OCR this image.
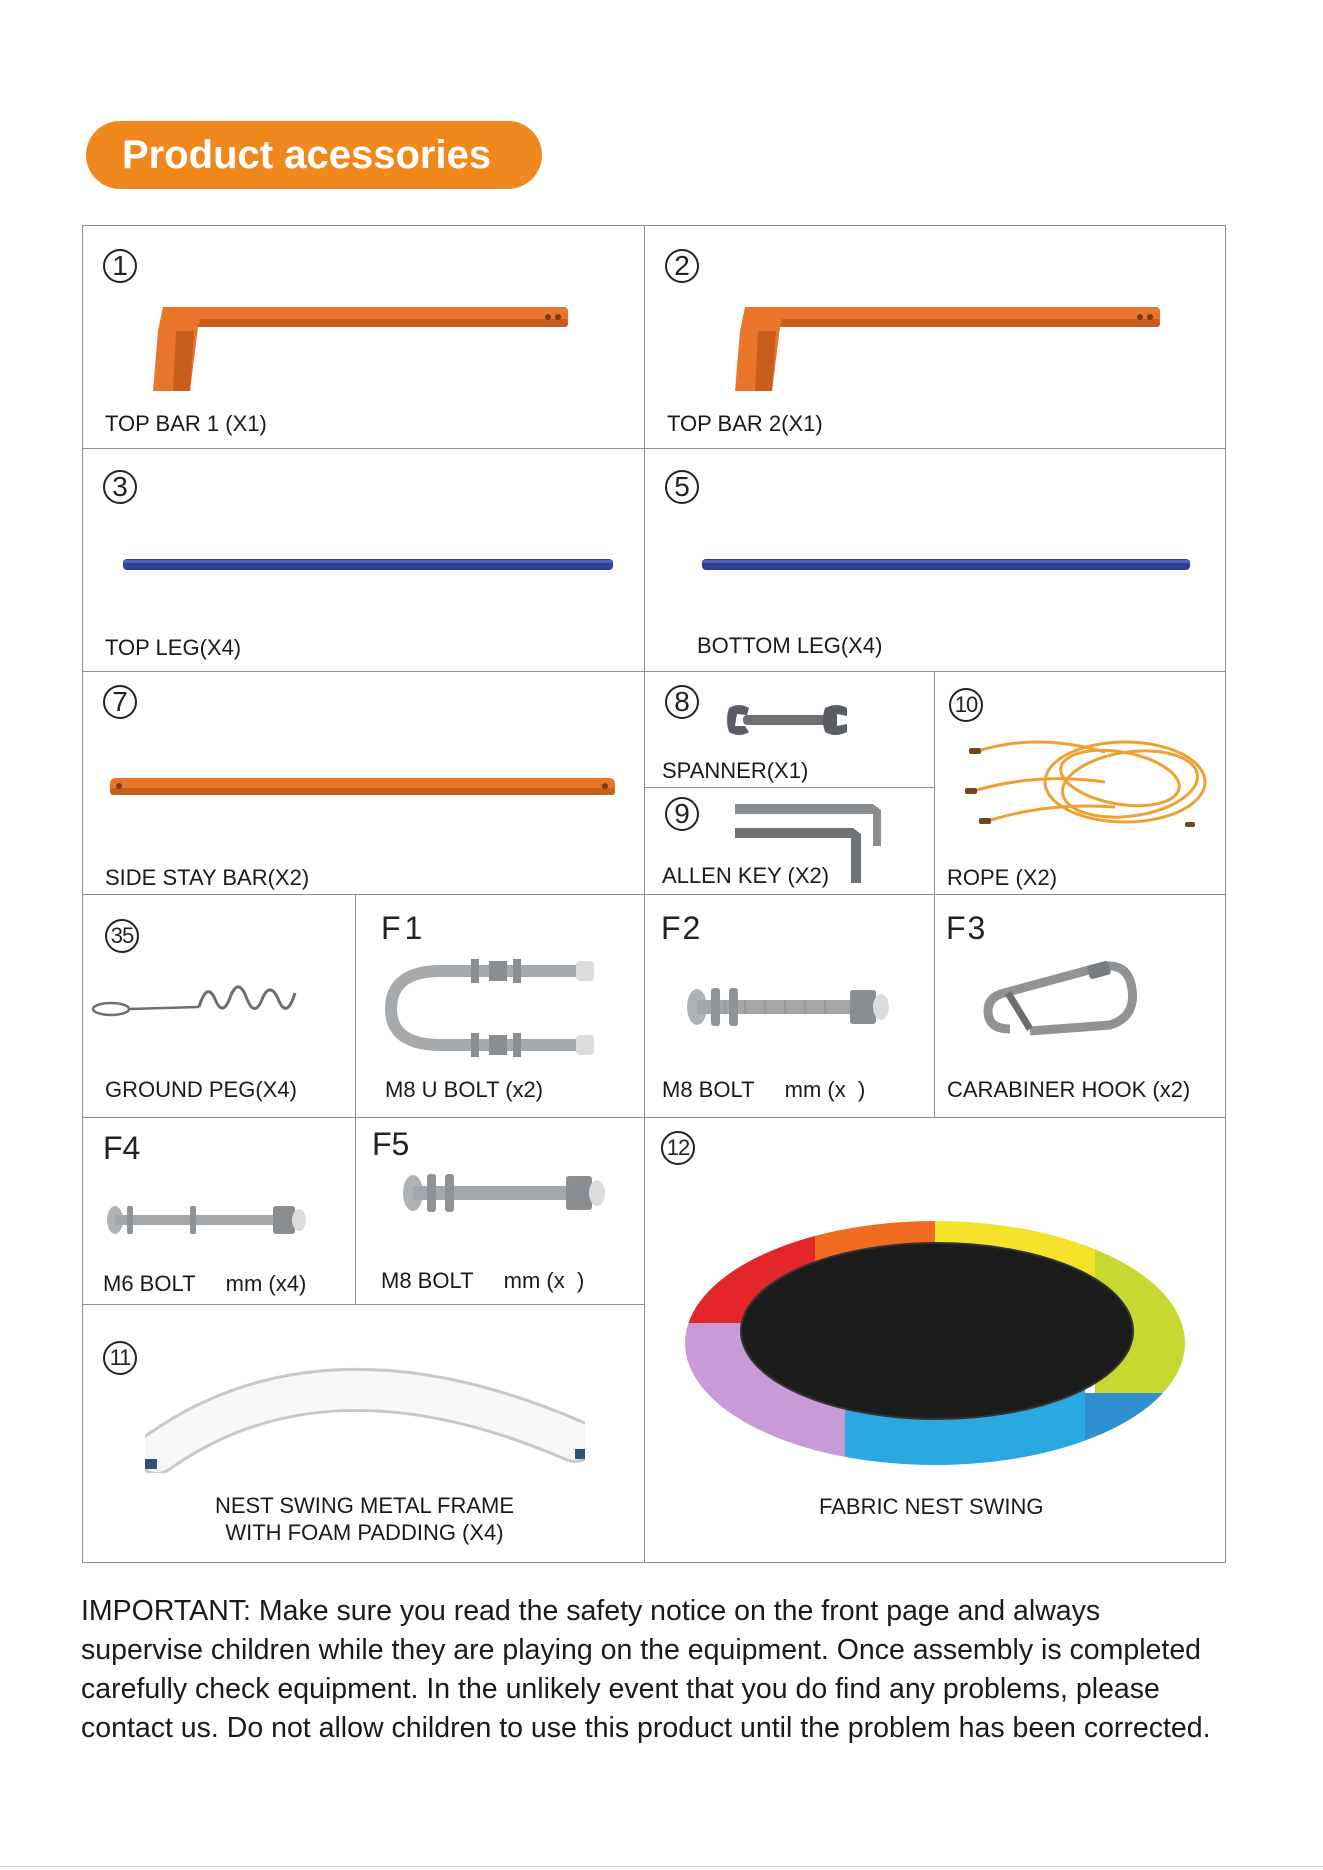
Product acessories
1
TOP BAR 1 (X1)
2
TOP BAR 2(X1)
3
TOP LEG(X4)
5
BOTTOM LEG(X4)
7
SIDE STAY BAR(X2)
8
SPANNER(X1)
9
ALLEN KEY (X2)
10
ROPE (X2)
35
GROUND PEG(X4)
F1
M8 U BOLT (x2)
F2
M8 BOLT     mm (x  )
F3
CARABINER HOOK (x2)
F4
M6 BOLT     mm (x4)
F5
M8 BOLT     mm (x  )
12
FABRIC NEST SWING
11
NEST SWING METAL FRAME
WITH FOAM PADDING (X4)
IMPORTANT: Make sure you read the safety notice on the front page and always
supervise children while they are playing on the equipment. Once assembly is completed
carefully check equipment. In the unlikely event that you do find any problems, please
contact us. Do not allow children to use this product until the problem has been corrected.
